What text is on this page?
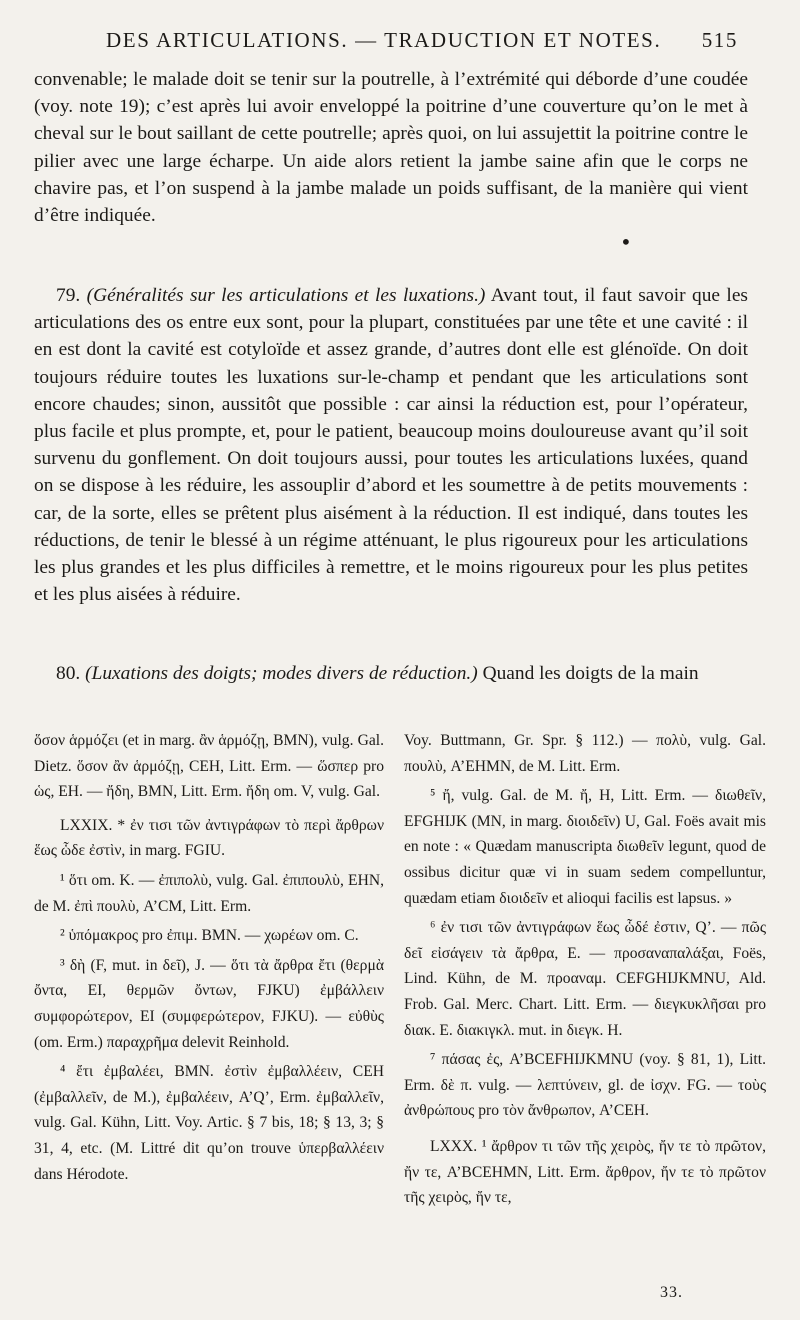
DES ARTICULATIONS. — TRADUCTION ET NOTES. 515
convenable; le malade doit se tenir sur la poutrelle, à l’extrémité qui déborde d’une coudée (voy. note 19); c’est après lui avoir enveloppé la poitrine d’une couverture qu’on le met à cheval sur le bout saillant de cette poutrelle; après quoi, on lui assujettit la poitrine contre le pilier avec une large écharpe. Un aide alors retient la jambe saine afin que le corps ne chavire pas, et l’on suspend à la jambe malade un poids suffisant, de la manière qui vient d’être indiquée.
•
79. (Généralités sur les articulations et les luxations.) Avant tout, il faut savoir que les articulations des os entre eux sont, pour la plupart, constituées par une tête et une cavité : il en est dont la cavité est cotyloïde et assez grande, d’autres dont elle est glénoïde. On doit toujours réduire toutes les luxations sur-le-champ et pendant que les articulations sont encore chaudes; sinon, aussitôt que possible : car ainsi la réduction est, pour l’opérateur, plus facile et plus prompte, et, pour le patient, beaucoup moins douloureuse avant qu’il soit survenu du gonflement. On doit toujours aussi, pour toutes les articulations luxées, quand on se dispose à les réduire, les assouplir d’abord et les soumettre à de petits mouvements : car, de la sorte, elles se prêtent plus aisément à la réduction. Il est indiqué, dans toutes les réductions, de tenir le blessé à un régime atténuant, le plus rigoureux pour les articulations les plus grandes et les plus difficiles à remettre, et le moins rigoureux pour les plus petites et les plus aisées à réduire.
80. (Luxations des doigts; modes divers de réduction.) Quand les doigts de la main

ὅσον ἁρμόζει (et in marg. ἂν ἁρμόζῃ, BMN), vulg. Gal. Dietz. ὅσον ἂν ἁρμόζῃ, CEH, Litt. Erm. — ὥσπερ pro ὡς, EH. — ἤδη, BMN, Litt. Erm. ἤδη om. V, vulg. Gal.

LXXIX. * ἐν τισι τῶν ἀντιγράφων τὸ περὶ ἄρθρων ἕως ὧδε ἐστὶν, in marg. FGIU.

¹ ὅτι om. K. — ἐπιπολὺ, vulg. Gal. ἐπιπουλὺ, EHN, de M. ἐπὶ πουλὺ, A’CM, Litt. Erm.

² ὑπόμακρος pro ἐπιμ. BMN. — χωρέων om. C.

³ δὴ (F, mut. in δεῖ), J. — ὅτι τὰ ἄρθρα ἔτι (θερμὰ ὄντα, EI, θερμῶν ὄντων, FJKU) ἐμβάλλειν συμφορώτερον, EI (συμφερώτερον, FJKU). — εὐθὺς (om. Erm.) παραχρῆμα delevit Reinhold.

⁴ ἔτι ἐμβαλέει, BMN. ἐστὶν ἐμβαλλέειν, CEH (ἐμβαλλεῖν, de M.), ἐμβαλέειν, A’Q’, Erm. ἐμβαλλεῖν, vulg. Gal. Kühn, Litt. Voy. Artic. § 7 bis, 18; § 13, 3; § 31, 4, etc. (M. Littré dit qu’on trouve ὑπερβαλλέειν dans Hérodote.

Voy. Buttmann, Gr. Spr. § 112.) — πολὺ, vulg. Gal. πουλὺ, A’EHMN, de M. Litt. Erm.

⁵ ἤ, vulg. Gal. de M. ἤ, H, Litt. Erm. — διωθεῖν, EFGHIJK (MN, in marg. διοιδεῖν) U, Gal. Foës avait mis en note : « Quædam manuscripta διωθεῖν legunt, quod de ossibus dicitur quæ vi in suam sedem compelluntur, quædam etiam διοιδεῖν et alioqui facilis est lapsus. »

⁶ ἐν τισι τῶν ἀντιγράφων ἕως ὧδέ ἐστιν, Q’. — πῶς δεῖ εἰσάγειν τὰ ἄρθρα, E. — προσαναπαλάξαι, Foës, Lind. Kühn, de M. προαναμ. CEFGHIJKMNU, Ald. Frob. Gal. Merc. Chart. Litt. Erm. — διεγκυκλῆσαι pro διακ. E. διακιγκλ. mut. in διεγκ. H.

⁷ πάσας ἐς, A’BCEFHIJKMNU (voy. § 81, 1), Litt. Erm. δὲ π. vulg. — λεπτύνειν, gl. de ἰσχν. FG. — τοὺς ἀνθρώπους pro τὸν ἄνθρωπον, A’CEH.

LXXX. ¹ ἄρθρον τι τῶν τῆς χειρὸς, ἤν τε τὸ πρῶτον, ἤν τε, A’BCEHMN, Litt. Erm. ἄρθρον, ἤν τε τὸ πρῶτον τῆς χειρὸς, ἤν τε,

33.
